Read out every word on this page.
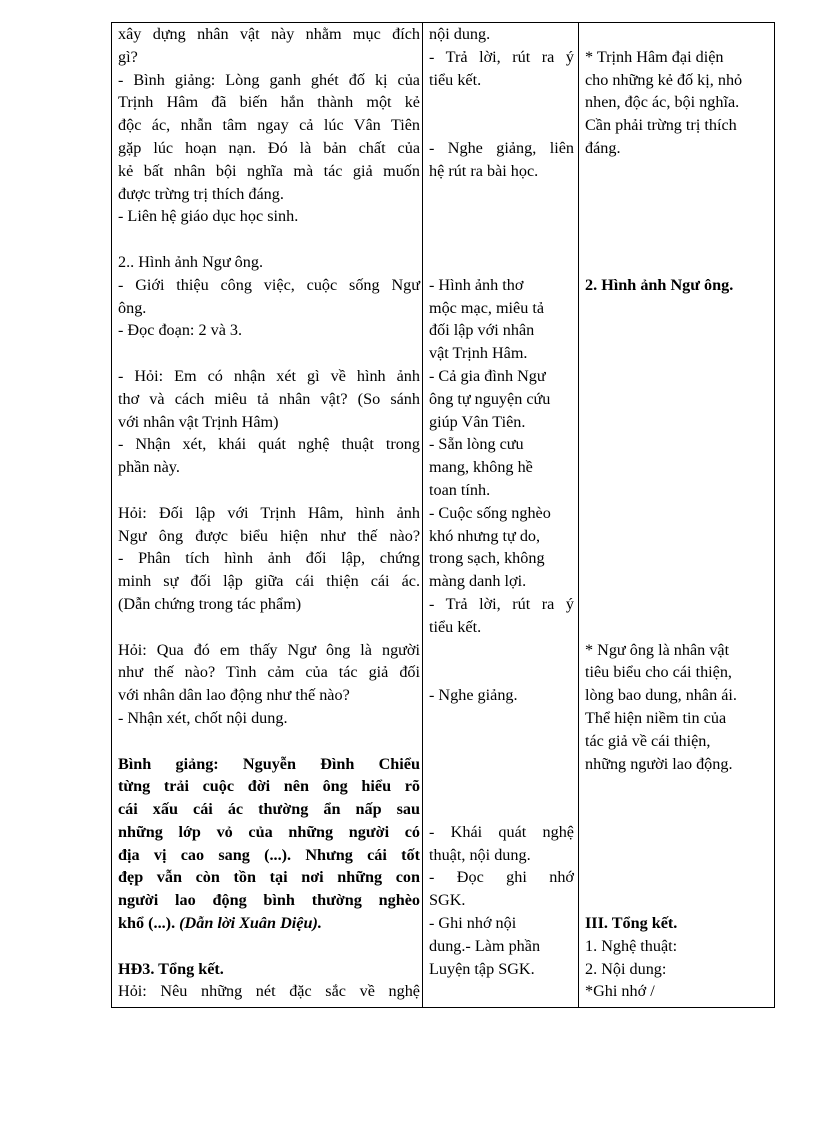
xây dựng nhân vật này nhằm mục đích
gì?
- Bình giảng: Lòng ganh ghét đố kị của
Trịnh Hâm đã biến hắn thành một kẻ
độc ác, nhẫn tâm ngay cả lúc Vân Tiên
gặp lúc hoạn nạn. Đó là bản chất của
kẻ bất nhân bội nghĩa mà tác giả muốn
được trừng trị thích đáng.
- Liên hệ giáo dục học sinh.
2.. Hình ảnh Ngư ông.
- Giới thiệu công việc, cuộc sống Ngư
ông.
- Đọc đoạn: 2 và 3.
- Hỏi: Em có nhận xét gì về hình ảnh
thơ và cách miêu tả nhân vật? (So sánh
với nhân vật Trịnh Hâm)
- Nhận xét, khái quát nghệ thuật trong
phần này.
Hỏi: Đối lập với Trịnh Hâm, hình ảnh
Ngư ông được biểu hiện như thế nào?
- Phân tích hình ảnh đối lập, chứng
minh sự đối lập giữa cái thiện cái ác.
(Dẫn chứng trong tác phẩm)
Hỏi: Qua đó em thấy Ngư ông là người
như thế nào? Tình cảm của tác giả đối
với nhân dân lao động như thế nào?
- Nhận xét, chốt nội dung.
Bình giảng: Nguyễn Đình Chiểu
từng trải cuộc đời nên ông hiểu rõ
cái xấu cái ác thường ẩn nấp sau
những lớp vỏ của những người có
địa vị cao sang (...). Nhưng cái tốt
đẹp vẫn còn tồn tại nơi những con
người lao động bình thường nghèo
khổ (...). (Dẫn lời Xuân Diệu).
HĐ3. Tổng kết.
Hỏi: Nêu những nét đặc sắc về nghệ
nội dung.
- Trả lời, rút ra ý
tiểu kết.
- Nghe giảng, liên
hệ rút ra bài học.
- Hình ảnh thơ
mộc mạc, miêu tả
đối lập với nhân
vật Trịnh Hâm.
- Cả gia đình Ngư
ông tự nguyện cứu
giúp Vân Tiên.
- Sẵn lòng cưu
mang, không hề
toan tính.
- Cuộc sống nghèo
khó nhưng tự do,
trong sạch, không
màng danh lợi.
- Trả lời, rút ra ý
tiểu kết.
- Nghe giảng.
- Khái quát nghệ
thuật, nội dung.
- Đọc ghi nhớ
SGK.
- Ghi nhớ nội
dung.- Làm phần
Luyện tập SGK.
* Trịnh Hâm đại diện
cho những kẻ đố kị, nhỏ
nhen, độc ác, bội nghĩa.
Cần phải trừng trị thích
đáng.
2. Hình ảnh Ngư ông.
* Ngư ông là nhân vật
tiêu biểu cho cái thiện,
lòng bao dung, nhân ái.
Thể hiện niềm tin của
tác giả về cái thiện,
những người lao động.
III. Tổng kết.
1. Nghệ thuật:
2. Nội dung:
*Ghi nhớ /
